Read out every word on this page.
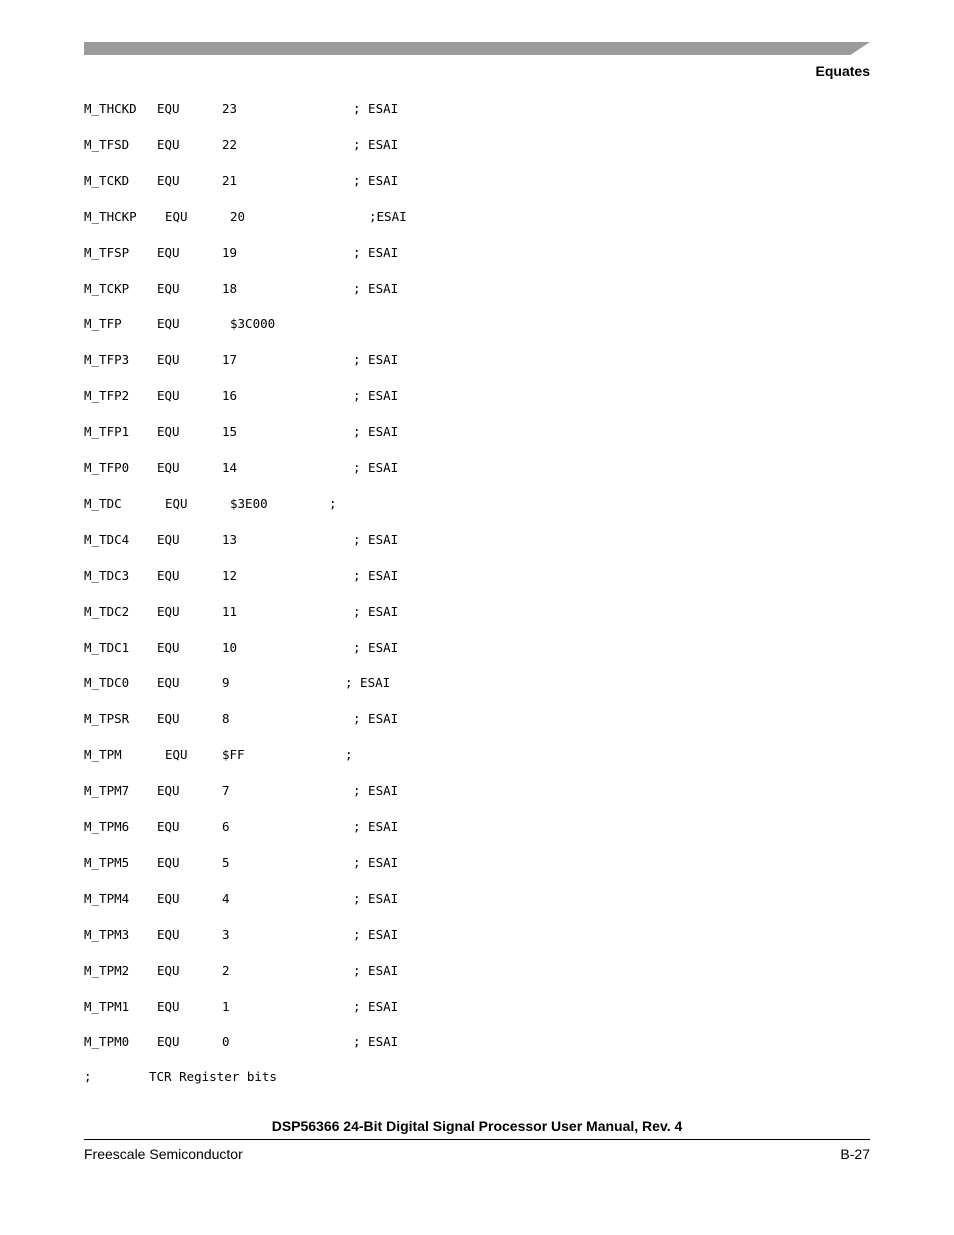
Equates
M_THCKD EQU	23	; ESAI
M_TFSD EQU	22	; ESAI
M_TCKD EQU	21	; ESAI
M_THCKP EQU	20	;ESAI
M_TFSP EQU	19	; ESAI
M_TCKP EQU	18	; ESAI
M_TFP	EQU	$3C000
M_TFP3 EQU	17	; ESAI
M_TFP2 EQU	16	; ESAI
M_TFP1 EQU	15	; ESAI
M_TFP0 EQU	14	; ESAI
M_TDC	EQU	$3E00	;
M_TDC4 EQU	13	; ESAI
M_TDC3 EQU	12	; ESAI
M_TDC2 EQU	11	; ESAI
M_TDC1 EQU	10	; ESAI
M_TDC0 EQU	9	; ESAI
M_TPSR EQU	8	; ESAI
M_TPM	EQU	$FF	;
M_TPM7 EQU	7	; ESAI
M_TPM6 EQU	6	; ESAI
M_TPM5 EQU	5	; ESAI
M_TPM4 EQU	4	; ESAI
M_TPM3 EQU	3	; ESAI
M_TPM2 EQU	2	; ESAI
M_TPM1 EQU	1	; ESAI
M_TPM0 EQU	0	; ESAI

;

	TCR Register bits

DSP56366 24-Bit Digital Signal Processor User Manual, Rev. 4
Freescale Semiconductor	B-27
